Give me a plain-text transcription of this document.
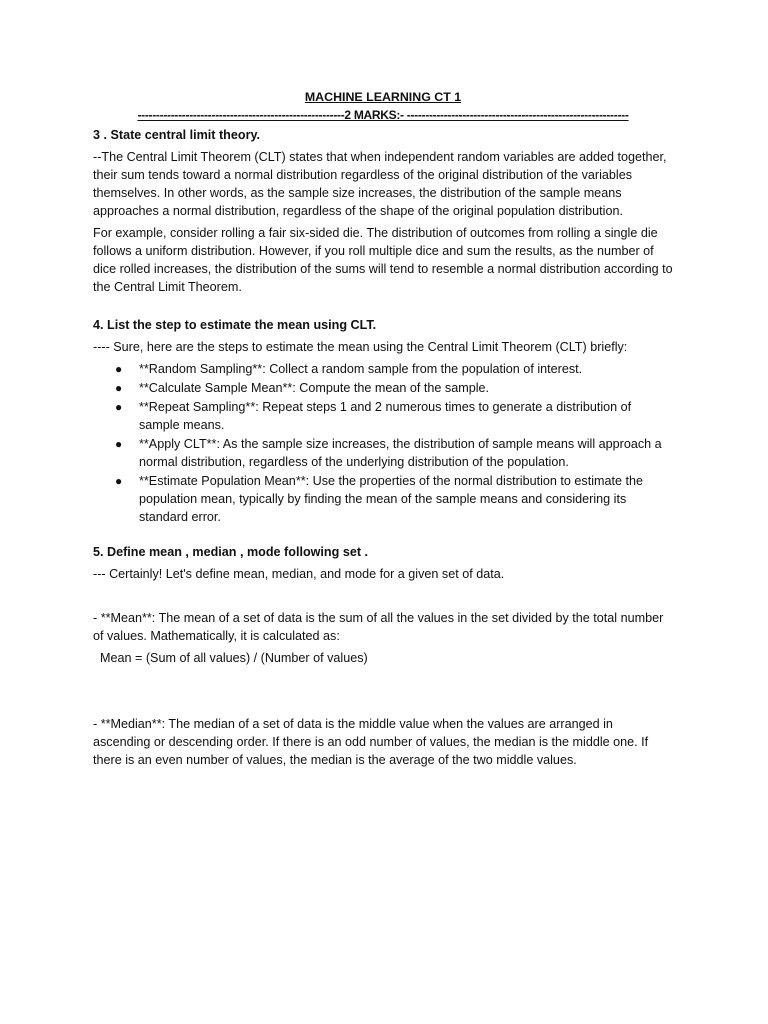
MACHINE LEARNING CT 1
--------------------------------------------------------2 MARKS:- ------------------------------------------------------------
3 . State central limit theory.

--The Central Limit Theorem (CLT) states that when independent random variables are added together, their sum tends toward a normal distribution regardless of the original distribution of the variables themselves. In other words, as the sample size increases, the distribution of the sample means approaches a normal distribution, regardless of the shape of the original population distribution.

For example, consider rolling a fair six-sided die. The distribution of outcomes from rolling a single die follows a uniform distribution. However, if you roll multiple dice and sum the results, as the number of dice rolled increases, the distribution of the sums will tend to resemble a normal distribution according to the Central Limit Theorem.

4. List the step to estimate the mean using CLT.

---- Sure, here are the steps to estimate the mean using the Central Limit Theorem (CLT) briefly:

● **Random Sampling**: Collect a random sample from the population of interest.
● **Calculate Sample Mean**: Compute the mean of the sample.
● **Repeat Sampling**: Repeat steps 1 and 2 numerous times to generate a distribution of sample means.
● **Apply CLT**: As the sample size increases, the distribution of sample means will approach a normal distribution, regardless of the underlying distribution of the population.
● **Estimate Population Mean**: Use the properties of the normal distribution to estimate the population mean, typically by finding the mean of the sample means and considering its standard error.
5. Define mean , median , mode following set .

--- Certainly! Let's define mean, median, and mode for a given set of data.

- **Mean**: The mean of a set of data is the sum of all the values in the set divided by the total number of values. Mathematically, it is calculated as:

Mean = (Sum of all values) / (Number of values)

- **Median**: The median of a set of data is the middle value when the values are arranged in ascending or descending order. If there is an odd number of values, the median is the middle one. If there is an even number of values, the median is the average of the two middle values.
